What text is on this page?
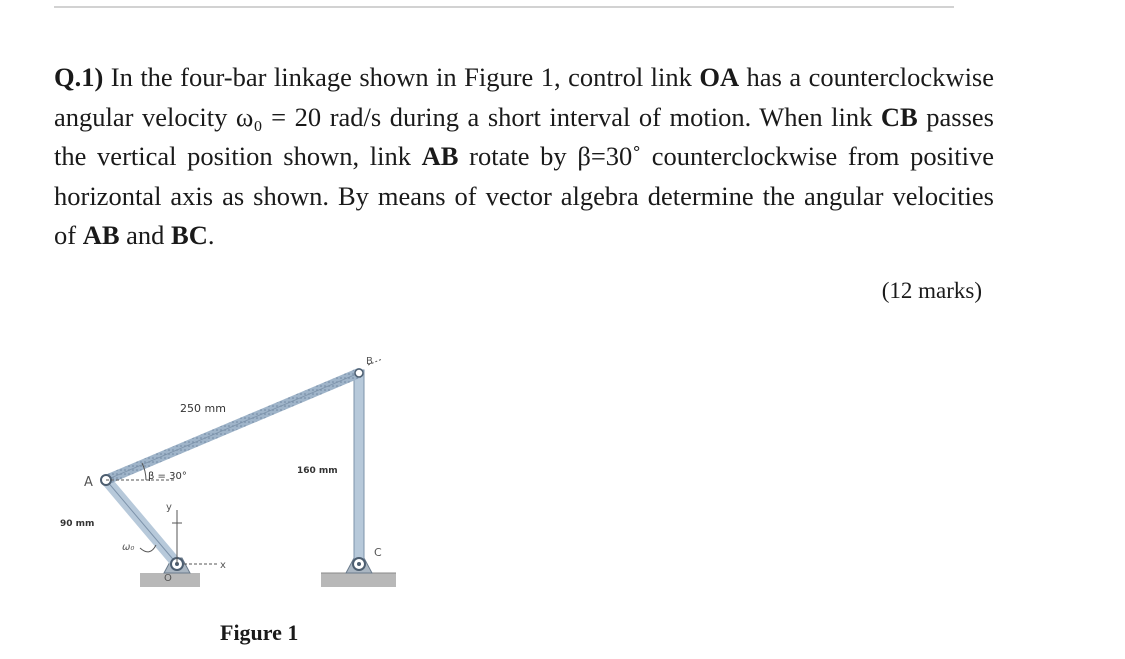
Q.1) In the four-bar linkage shown in Figure 1, control link OA has a counterclockwise angular velocity ω₀ = 20 rad/s during a short interval of motion. When link CB passes the vertical position shown, link AB rotate by β=30˚ counterclockwise from positive horizontal axis as shown. By means of vector algebra determine the angular velocities of AB and BC.

(12 marks)
A
B
C
O
y
x
250 mm
160 mm
90 mm
β = 30°
ω₀
Figure 1
